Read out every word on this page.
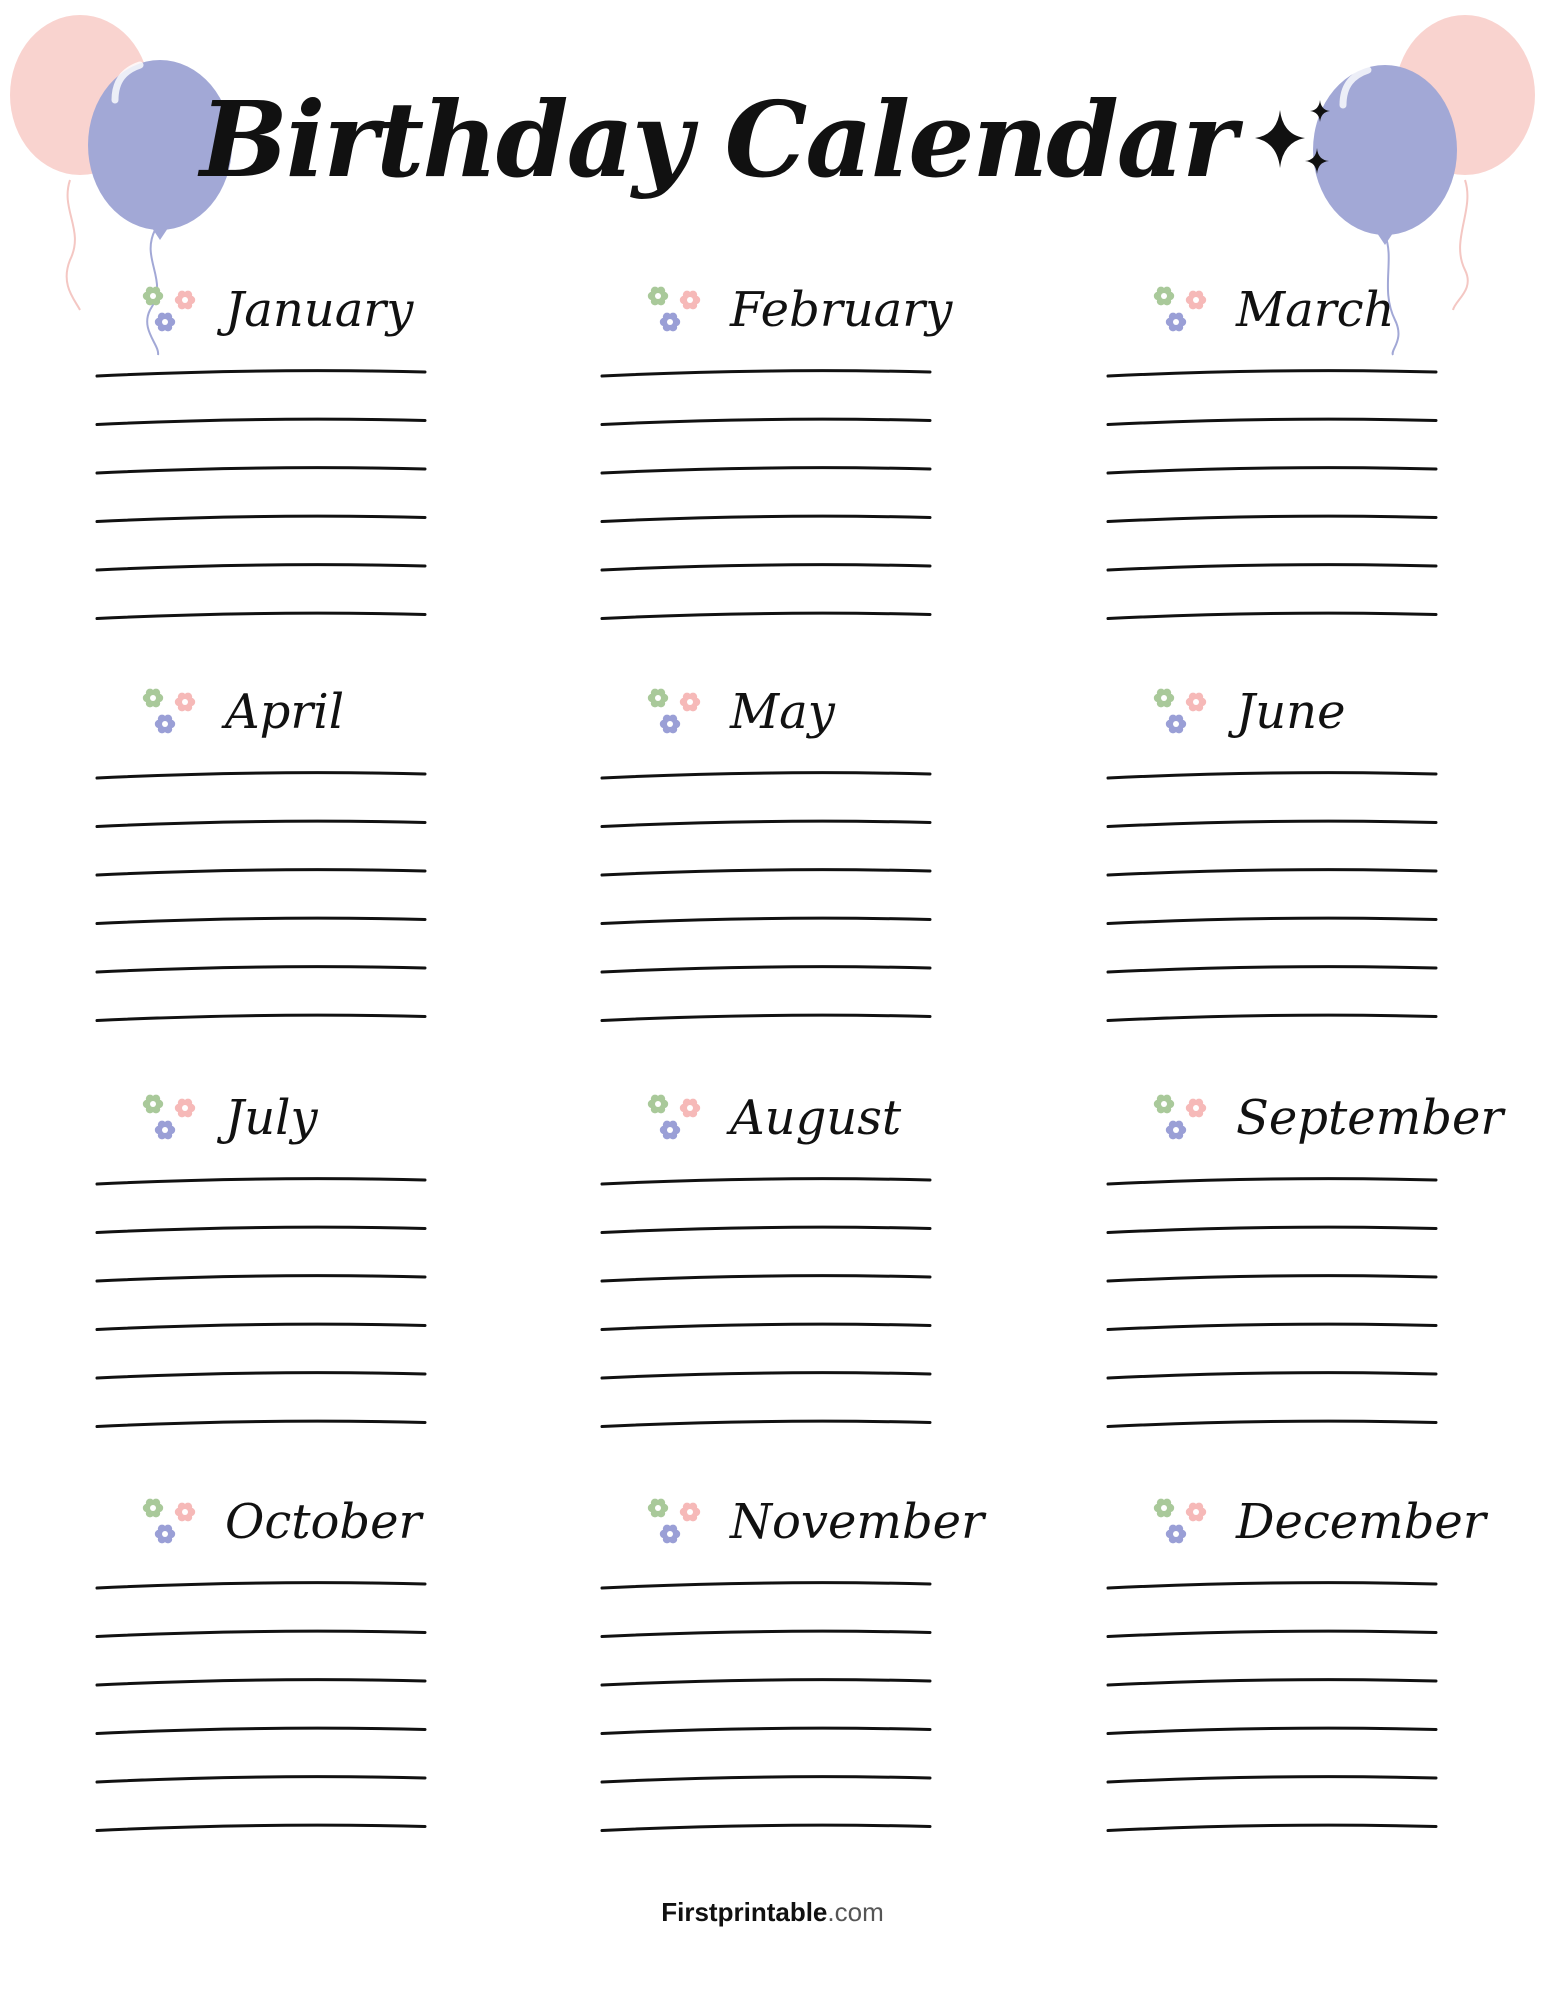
Birthday Calendar
January	February	March
April	May	June
July	August	September
October	November	December
Firstprintable.com
